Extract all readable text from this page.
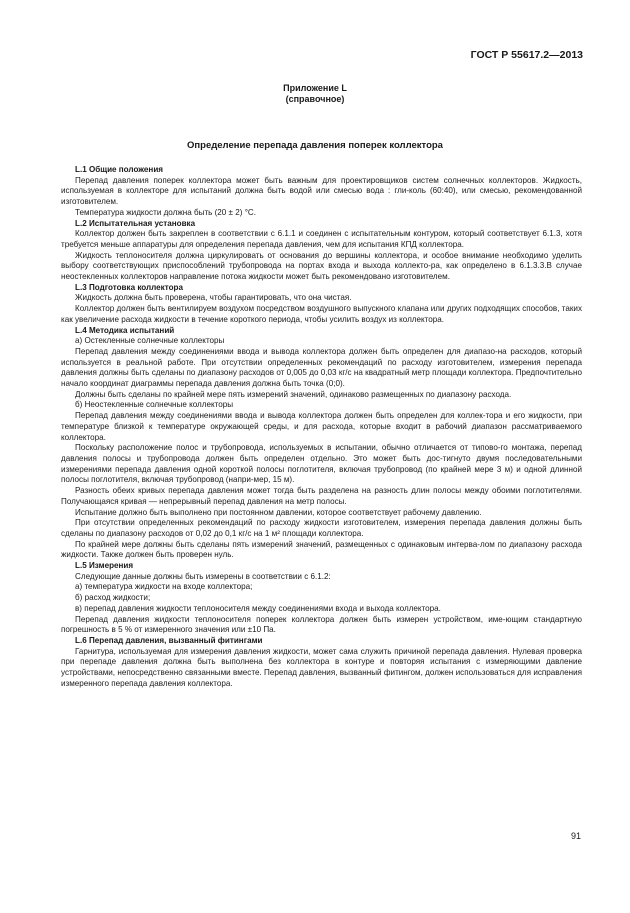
ГОСТ Р 55617.2—2013
Приложение L
(справочное)
Определение перепада давления поперек коллектора

L.1 Общие положения

Перепад давления поперек коллектора может быть важным для проектировщиков систем солнечных коллекторов. Жидкость, используемая в коллекторе для испытаний должна быть водой или смесью вода : гли-коль (60:40), или смесью, рекомендованной изготовителем.

Температура жидкости должна быть (20 ± 2) °С.

L.2 Испытательная установка

Коллектор должен быть закреплен в соответствии с 6.1.1 и соединен с испытательным контуром, который соответствует 6.1.3, хотя требуется меньше аппаратуры для определения перепада давления, чем для испытания КПД коллектора.

Жидкость теплоносителя должна циркулировать от основания до вершины коллектора, и особое внимание необходимо уделить выбору соответствующих приспособлений трубопровода на портах входа и выхода коллекто-ра, как определено в 6.1.3.3.В случае неостекленных коллекторов направление потока жидкости может быть рекомендовано изготовителем.

L.3 Подготовка коллектора

Жидкость должна быть проверена, чтобы гарантировать, что она чистая.

Коллектор должен быть вентилируем воздухом посредством воздушного выпускного клапана или других подходящих способов, таких как увеличение расхода жидкости в течение короткого периода, чтобы усилить воздух из коллектора.

L.4 Методика испытаний

а) Остекленные солнечные коллекторы

Перепад давления между соединениями ввода и вывода коллектора должен быть определен для диапазо-на расходов, который используется в реальной работе. При отсутствии определенных рекомендаций по расходу изготовителем, измерения перепада давления должны быть сделаны по диапазону расходов от 0,005 до 0,03 кг/с на квадратный метр площади коллектора. Предпочтительно начало координат диаграммы перепада давления должна быть точка (0;0).

Должны быть сделаны по крайней мере пять измерений значений, одинаково размещенных по диапазону расхода.

б) Неостекленные солнечные коллекторы

Перепад давления между соединениями ввода и вывода коллектора должен быть определен для коллек-тора и его жидкости, при температуре близкой к температуре окружающей среды, и для расхода, которые входит в рабочий диапазон рассматриваемого коллектора.

Поскольку расположение полос и трубопровода, используемых в испытании, обычно отличается от типово-го монтажа, перепад давления полосы и трубопровода должен быть определен отдельно. Это может быть дос-тигнуто двумя последовательными измерениями перепада давления одной короткой полосы поглотителя, включая трубопровод (по крайней мере 3 м) и одной длинной полосы поглотителя, включая трубопровод (напри-мер, 15 м).

Разность обеих кривых перепада давления может тогда быть разделена на разность длин полосы между обоими поглотителями. Получающаяся кривая — непрерывный перепад давления на метр полосы.

Испытание должно быть выполнено при постоянном давлении, которое соответствует рабочему давлению.

При отсутствии определенных рекомендаций по расходу жидкости изготовителем, измерения перепада давления должны быть сделаны по диапазону расходов от 0,02 до 0,1 кг/с на 1 м² площади коллектора.

По крайней мере должны быть сделаны пять измерений значений, размещенных с одинаковым интерва-лом по диапазону расхода жидкости. Также должен быть проверен нуль.

L.5 Измерения

Следующие данные должны быть измерены в соответствии с 6.1.2:

а) температура жидкости на входе коллектора;

б) расход жидкости;

в) перепад давления жидкости теплоносителя между соединениями входа и выхода коллектора.

Перепад давления жидкости теплоносителя поперек коллектора должен быть измерен устройством, име-ющим стандартную погрешность в 5 % от измеренного значения или ±10 Па.

L.6 Перепад давления, вызванный фитингами

Гарнитура, используемая для измерения давления жидкости, может сама служить причиной перепада давления. Нулевая проверка при перепаде давления должна быть выполнена без коллектора в контуре и повторяя испытания с измеряющими давление устройствами, непосредственно связанными вместе. Перепад давления, вызванный фитингом, должен использоваться для исправления измеренного перепада давления коллектора.

91
